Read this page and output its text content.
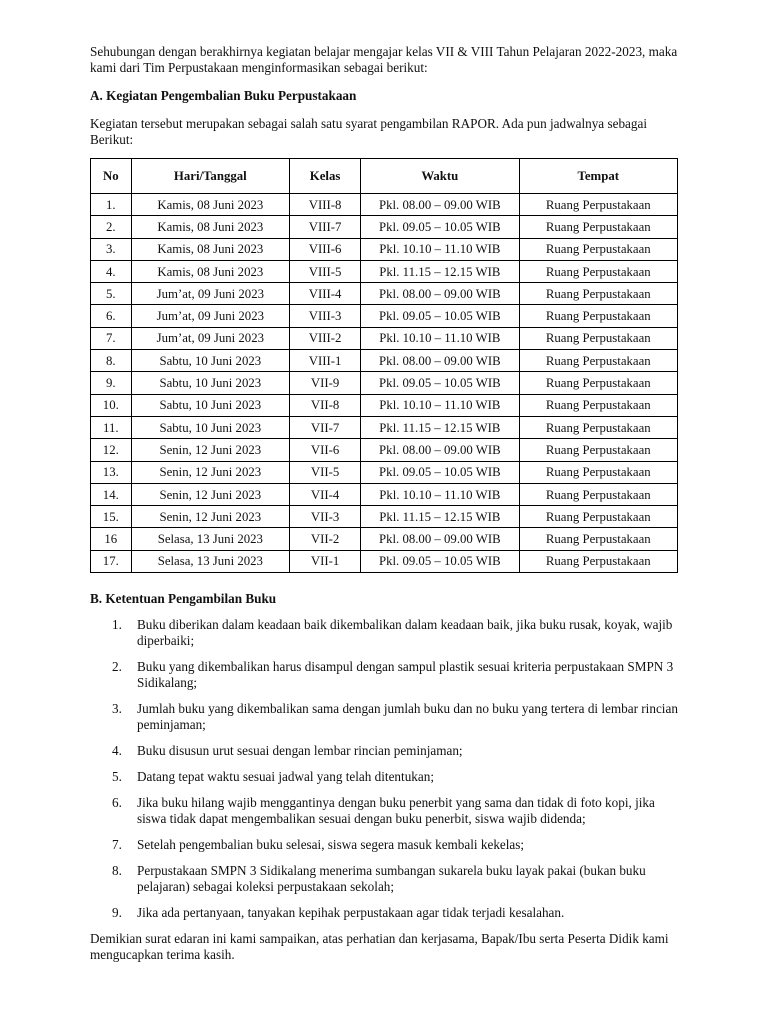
Sehubungan dengan berakhirnya kegiatan belajar mengajar kelas VII & VIII Tahun Pelajaran 2022-2023, maka kami dari Tim Perpustakaan menginformasikan sebagai berikut:

A. Kegiatan Pengembalian Buku Perpustakaan

Kegiatan tersebut merupakan sebagai salah satu syarat pengambilan RAPOR. Ada pun jadwalnya sebagai Berikut:

No	Hari/Tanggal	Kelas	Waktu	Tempat
1.	Kamis, 08 Juni 2023	VIII-8	Pkl. 08.00 – 09.00 WIB	Ruang Perpustakaan
2.	Kamis, 08 Juni 2023	VIII-7	Pkl. 09.05 – 10.05 WIB	Ruang Perpustakaan
3.	Kamis, 08 Juni 2023	VIII-6	Pkl. 10.10 – 11.10 WIB	Ruang Perpustakaan
4.	Kamis, 08 Juni 2023	VIII-5	Pkl. 11.15 – 12.15 WIB	Ruang Perpustakaan
5.	Jum’at, 09 Juni 2023	VIII-4	Pkl. 08.00 – 09.00 WIB	Ruang Perpustakaan
6.	Jum’at, 09 Juni 2023	VIII-3	Pkl. 09.05 – 10.05 WIB	Ruang Perpustakaan
7.	Jum’at, 09 Juni 2023	VIII-2	Pkl. 10.10 – 11.10 WIB	Ruang Perpustakaan
8.	Sabtu, 10 Juni 2023	VIII-1	Pkl. 08.00 – 09.00 WIB	Ruang Perpustakaan
9.	Sabtu, 10 Juni 2023	VII-9	Pkl. 09.05 – 10.05 WIB	Ruang Perpustakaan
10.	Sabtu, 10 Juni 2023	VII-8	Pkl. 10.10 – 11.10 WIB	Ruang Perpustakaan
11.	Sabtu, 10 Juni 2023	VII-7	Pkl. 11.15 – 12.15 WIB	Ruang Perpustakaan
12.	Senin, 12 Juni 2023	VII-6	Pkl. 08.00 – 09.00 WIB	Ruang Perpustakaan
13.	Senin, 12 Juni 2023	VII-5	Pkl. 09.05 – 10.05 WIB	Ruang Perpustakaan
14.	Senin, 12 Juni 2023	VII-4	Pkl. 10.10 – 11.10 WIB	Ruang Perpustakaan
15.	Senin, 12 Juni 2023	VII-3	Pkl. 11.15 – 12.15 WIB	Ruang Perpustakaan
16	Selasa, 13 Juni 2023	VII-2	Pkl. 08.00 – 09.00 WIB	Ruang Perpustakaan
17.	Selasa, 13 Juni 2023	VII-1	Pkl. 09.05 – 10.05 WIB	Ruang Perpustakaan

B. Ketentuan Pengambilan Buku

1. Buku diberikan dalam keadaan baik dikembalikan dalam keadaan baik, jika buku rusak, koyak, wajib diperbaiki;
2. Buku yang dikembalikan harus disampul dengan sampul plastik sesuai kriteria perpustakaan SMPN 3 Sidikalang;
3. Jumlah buku yang dikembalikan sama dengan jumlah buku dan no buku yang tertera di lembar rincian peminjaman;
4. Buku disusun urut sesuai dengan lembar rincian peminjaman;
5. Datang tepat waktu sesuai jadwal yang telah ditentukan;
6. Jika buku hilang wajib menggantinya dengan buku penerbit yang sama dan tidak di foto kopi, jika siswa tidak dapat mengembalikan sesuai dengan buku penerbit, siswa wajib didenda;
7. Setelah pengembalian buku selesai, siswa segera masuk kembali kekelas;
8. Perpustakaan SMPN 3 Sidikalang menerima sumbangan sukarela buku layak pakai (bukan buku pelajaran) sebagai koleksi perpustakaan sekolah;
9. Jika ada pertanyaan, tanyakan kepihak perpustakaan agar tidak terjadi kesalahan.

Demikian surat edaran ini kami sampaikan, atas perhatian dan kerjasama, Bapak/Ibu serta Peserta Didik kami mengucapkan terima kasih.
